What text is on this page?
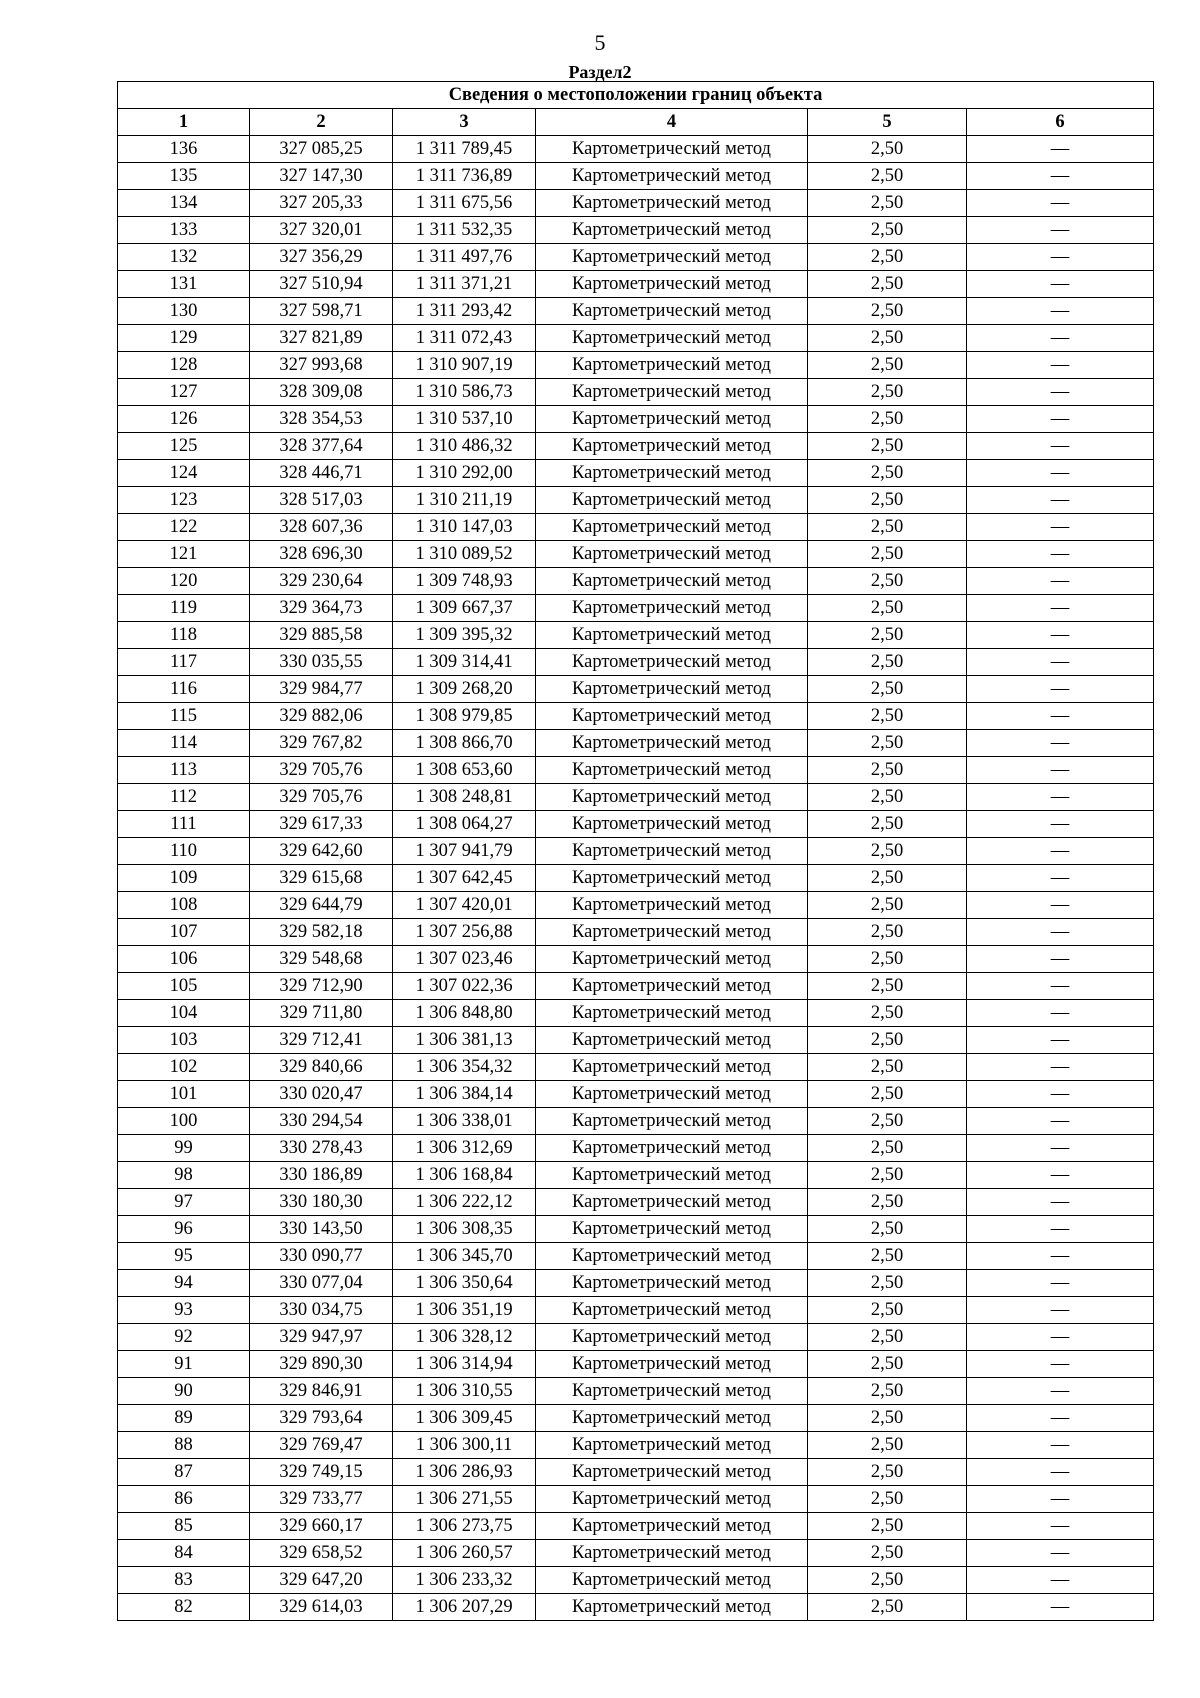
5
Раздел2
Сведения о местоположении границ объекта					
1	2	3	4	5	6
136	327 085,25	1 311 789,45	Картометрический метод	2,50	—
135	327 147,30	1 311 736,89	Картометрический метод	2,50	—
134	327 205,33	1 311 675,56	Картометрический метод	2,50	—
133	327 320,01	1 311 532,35	Картометрический метод	2,50	—
132	327 356,29	1 311 497,76	Картометрический метод	2,50	—
131	327 510,94	1 311 371,21	Картометрический метод	2,50	—
130	327 598,71	1 311 293,42	Картометрический метод	2,50	—
129	327 821,89	1 311 072,43	Картометрический метод	2,50	—
128	327 993,68	1 310 907,19	Картометрический метод	2,50	—
127	328 309,08	1 310 586,73	Картометрический метод	2,50	—
126	328 354,53	1 310 537,10	Картометрический метод	2,50	—
125	328 377,64	1 310 486,32	Картометрический метод	2,50	—
124	328 446,71	1 310 292,00	Картометрический метод	2,50	—
123	328 517,03	1 310 211,19	Картометрический метод	2,50	—
122	328 607,36	1 310 147,03	Картометрический метод	2,50	—
121	328 696,30	1 310 089,52	Картометрический метод	2,50	—
120	329 230,64	1 309 748,93	Картометрический метод	2,50	—
119	329 364,73	1 309 667,37	Картометрический метод	2,50	—
118	329 885,58	1 309 395,32	Картометрический метод	2,50	—
117	330 035,55	1 309 314,41	Картометрический метод	2,50	—
116	329 984,77	1 309 268,20	Картометрический метод	2,50	—
115	329 882,06	1 308 979,85	Картометрический метод	2,50	—
114	329 767,82	1 308 866,70	Картометрический метод	2,50	—
113	329 705,76	1 308 653,60	Картометрический метод	2,50	—
112	329 705,76	1 308 248,81	Картометрический метод	2,50	—
111	329 617,33	1 308 064,27	Картометрический метод	2,50	—
110	329 642,60	1 307 941,79	Картометрический метод	2,50	—
109	329 615,68	1 307 642,45	Картометрический метод	2,50	—
108	329 644,79	1 307 420,01	Картометрический метод	2,50	—
107	329 582,18	1 307 256,88	Картометрический метод	2,50	—
106	329 548,68	1 307 023,46	Картометрический метод	2,50	—
105	329 712,90	1 307 022,36	Картометрический метод	2,50	—
104	329 711,80	1 306 848,80	Картометрический метод	2,50	—
103	329 712,41	1 306 381,13	Картометрический метод	2,50	—
102	329 840,66	1 306 354,32	Картометрический метод	2,50	—
101	330 020,47	1 306 384,14	Картометрический метод	2,50	—
100	330 294,54	1 306 338,01	Картометрический метод	2,50	—
99	330 278,43	1 306 312,69	Картометрический метод	2,50	—
98	330 186,89	1 306 168,84	Картометрический метод	2,50	—
97	330 180,30	1 306 222,12	Картометрический метод	2,50	—
96	330 143,50	1 306 308,35	Картометрический метод	2,50	—
95	330 090,77	1 306 345,70	Картометрический метод	2,50	—
94	330 077,04	1 306 350,64	Картометрический метод	2,50	—
93	330 034,75	1 306 351,19	Картометрический метод	2,50	—
92	329 947,97	1 306 328,12	Картометрический метод	2,50	—
91	329 890,30	1 306 314,94	Картометрический метод	2,50	—
90	329 846,91	1 306 310,55	Картометрический метод	2,50	—
89	329 793,64	1 306 309,45	Картометрический метод	2,50	—
88	329 769,47	1 306 300,11	Картометрический метод	2,50	—
87	329 749,15	1 306 286,93	Картометрический метод	2,50	—
86	329 733,77	1 306 271,55	Картометрический метод	2,50	—
85	329 660,17	1 306 273,75	Картометрический метод	2,50	—
84	329 658,52	1 306 260,57	Картометрический метод	2,50	—
83	329 647,20	1 306 233,32	Картометрический метод	2,50	—
82	329 614,03	1 306 207,29	Картометрический метод	2,50	—
